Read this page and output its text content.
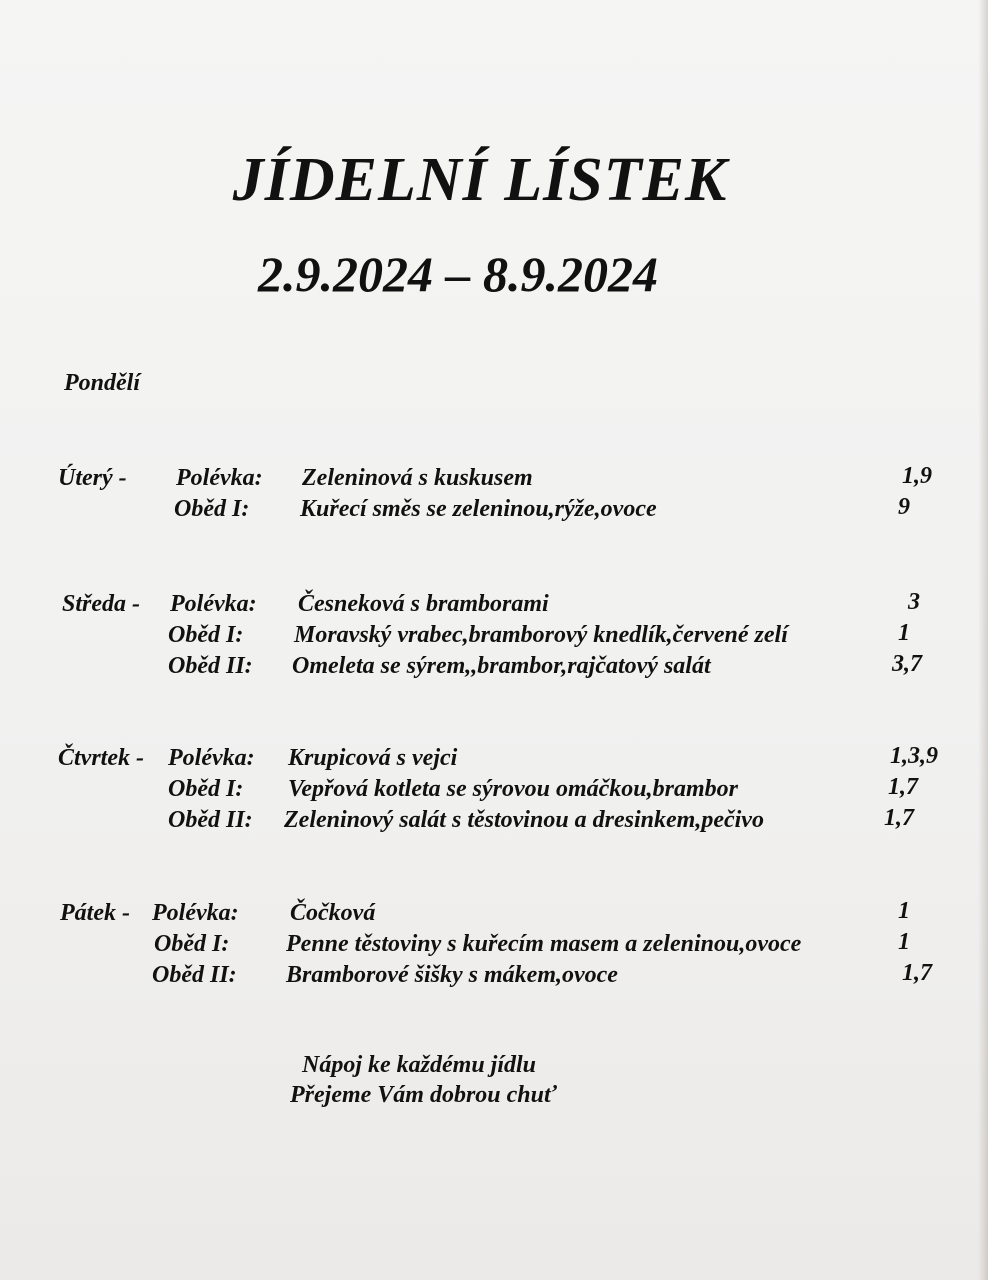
JÍDELNÍ LÍSTEK
2.9.2024 – 8.9.2024
Pondělí
Úterý - Polévka: Zeleninová s kuskusem	1,9
Oběd I: Kuřecí směs se zeleninou,rýže,ovoce	9
Středa - Polévka: Česneková s bramborami	3
Oběd I: Moravský vrabec,bramborový knedlík,červené zelí	1
Oběd II: Omeleta se sýrem,,brambor,rajčatový salát	3,7
Čtvrtek - Polévka: Krupicová s vejci	1,3,9
Oběd I: Vepřová kotleta se sýrovou omáčkou,brambor	1,7
Oběd II: Zeleninový salát s těstovinou a dresinkem,pečivo	1,7
Pátek - Polévka: Čočková	1
Oběd I: Penne těstoviny s kuřecím masem a zeleninou,ovoce	1
Oběd II: Bramborové šišky s mákem,ovoce	1,7
Nápoj ke každému jídlu
Přejeme Vám dobrou chuť
